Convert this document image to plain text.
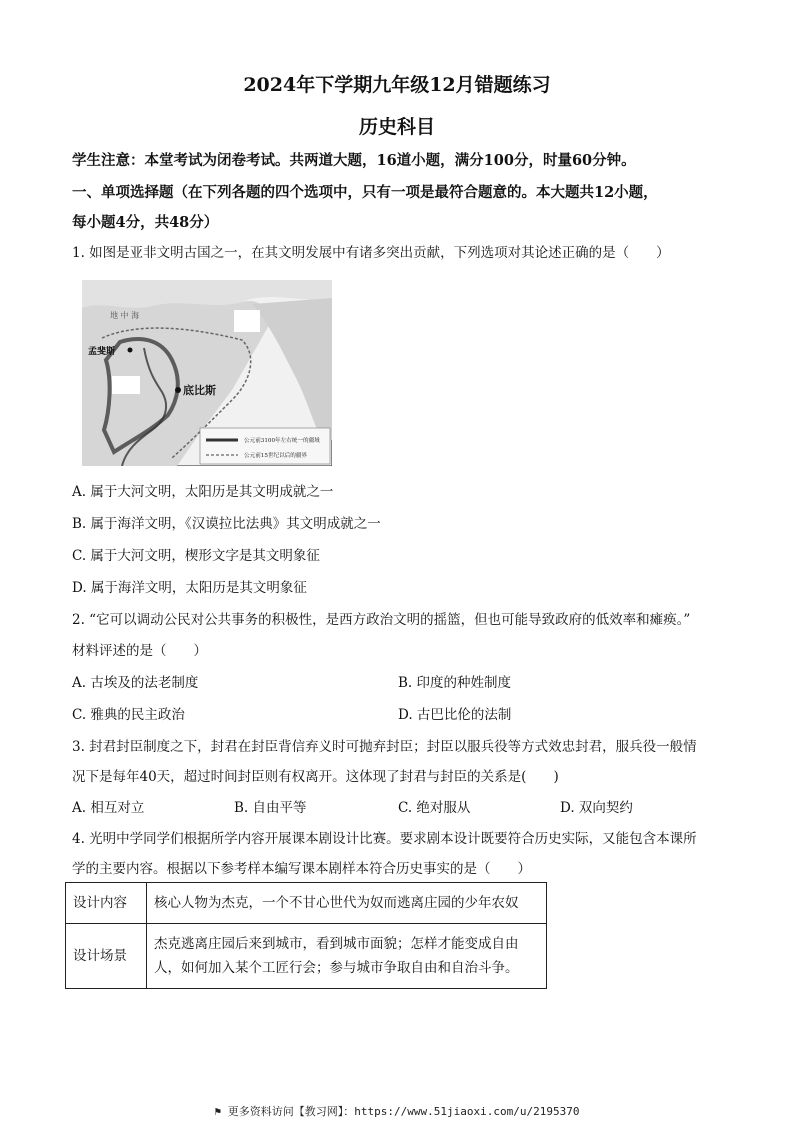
2024年下学期九年级12月错题练习
历史科目
学生注意：本堂考试为闭卷考试。共两道大题，16道小题，满分100分，时量60分钟。
一、单项选择题（在下列各题的四个选项中，只有一项是最符合题意的。本大题共12小题，
每小题4分，共48分）
1. 如图是亚非文明古国之一，在其文明发展中有诸多突出贡献，下列选项对其论述正确的是（　　）
地 中 海
孟斐斯
底比斯
公元前3100年左右统一的疆域
公元前15世纪以后的疆界
A. 属于大河文明，太阳历是其文明成就之一
B. 属于海洋文明，《汉谟拉比法典》其文明成就之一
C. 属于大河文明，楔形文字是其文明象征
D. 属于海洋文明，太阳历是其文明象征
2. “它可以调动公民对公共事务的积极性，是西方政治文明的摇篮，但也可能导致政府的低效率和瘫痪。”
材料评述的是（　　）
A. 古埃及的法老制度	B. 印度的种姓制度
C. 雅典的民主政治	D. 古巴比伦的法制
3. 封君封臣制度之下，封君在封臣背信弃义时可抛弃封臣；封臣以服兵役等方式效忠封君，服兵役一般情
况下是每年40天，超过时间封臣则有权离开。这体现了封君与封臣的关系是(　　)
A. 相互对立	B. 自由平等	C. 绝对服从	D. 双向契约
4. 光明中学同学们根据所学内容开展课本剧设计比赛。要求剧本设计既要符合历史实际，又能包含本课所
学的主要内容。根据以下参考样本编写课本剧样本符合历史事实的是（　　）
设计内容	核心人物为杰克，一个不甘心世代为奴而逃离庄园的少年农奴
设计场景	杰克逃离庄园后来到城市，看到城市面貌；怎样才能变成自由人，如何加入某个工匠行会；参与城市争取自由和自治斗争。
⚑ 更多资料访问【教习网】：https://www.51jiaoxi.com/u/2195370
